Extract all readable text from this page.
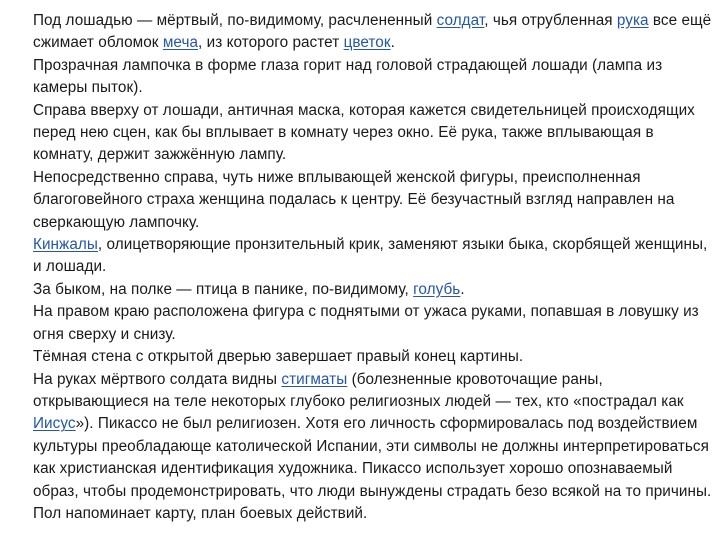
Под лошадью — мёртвый, по-видимому, расчлененный солдат, чья отрубленная рука все ещё сжимает обломок меча, из которого растет цветок.

Прозрачная лампочка в форме глаза горит над головой страдающей лошади (лампа из камеры пыток).

Справа вверху от лошади, античная маска, которая кажется свидетельницей происходящих перед нею сцен, как бы вплывает в комнату через окно. Её рука, также вплывающая в комнату, держит зажжённую лампу.

Непосредственно справа, чуть ниже вплывающей женской фигуры, преисполненная благоговейного страха женщина подалась к центру. Её безучастный взгляд направлен на сверкающую лампочку.

Кинжалы, олицетворяющие пронзительный крик, заменяют языки быка, скорбящей женщины, и лошади.

За быком, на полке — птица в панике, по-видимому, голубь.

На правом краю расположена фигура с поднятыми от ужаса руками, попавшая в ловушку из огня сверху и снизу.

Тёмная стена с открытой дверью завершает правый конец картины.

На руках мёртвого солдата видны стигматы (болезненные кровоточащие раны, открывающиеся на теле некоторых глубоко религиозных людей — тех, кто «пострадал как Иисус»). Пикассо не был религиозен. Хотя его личность сформировалась под воздействием культуры преобладающе католической Испании, эти символы не должны интерпретироваться как христианская идентификация художника. Пикассо использует хорошо опознаваемый образ, чтобы продемонстрировать, что люди вынуждены страдать безо всякой на то причины.

Пол напоминает карту, план боевых действий.
